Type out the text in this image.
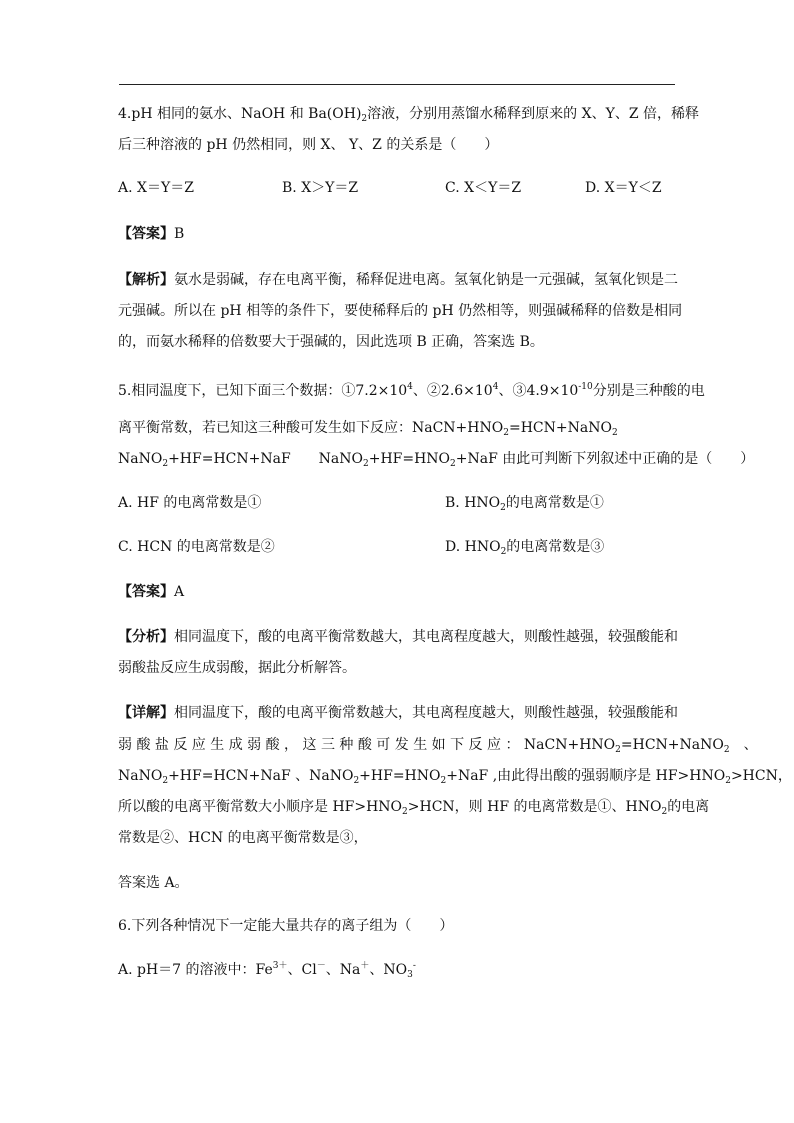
4.pH 相同的氨水、NaOH 和 $Ba(OH)_2$溶液，分别用蒸馏水稀释到原来的 X、Y、Z 倍，稀释
后三种溶液的 pH 仍然相同，则 X、 Y、Z 的关系是（　　）
A. X＝Y＝Z	B. X＞Y＝Z	C. X＜Y＝Z	D. X＝Y＜Z
【答案】B
【解析】氨水是弱碱，存在电离平衡，稀释促进电离。氢氧化钠是一元强碱，氢氧化钡是二
元强碱。所以在 pH 相等的条件下，要使稀释后的 pH 仍然相等，则强碱稀释的倍数是相同
的，而氨水稀释的倍数要大于强碱的，因此选项 B 正确，答案选 B。
5.相同温度下，已知下面三个数据：$①7.2\times 10^4$、$②2.6\times 10^4$、$③4.9\times 10^{-10}$分别是三种酸的电
离平衡常数，若已知这三种酸可发生如下反应：$NaCN+HNO_2=HCN+NaNO_2$
NaNO$_2$+HF=HCN+NaF　　$NaNO_2+HF=HNO_2+NaF$ 由此可判断下列叙述中正确的是（　　）
A. HF 的电离常数是①	B. $HNO_2$的电离常数是①
C. HCN 的电离常数是②	D. $HNO_2$的电离常数是③
【答案】A
【分析】相同温度下，酸的电离平衡常数越大，其电离程度越大，则酸性越强，较强酸能和
弱酸盐反应生成弱酸，据此分析解答。
【详解】相同温度下，酸的电离平衡常数越大，其电离程度越大，则酸性越强，较强酸能和
弱 酸 盐 反 应 生 成 弱 酸 ， 这 三 种 酸 可 发 生 如 下 反 应 ： $NaCN+HNO_2=HCN+NaNO_2$　、
NaNO$_2$+HF=HCN+NaF 、$NaNO_2+HF=HNO_2+NaF$ ,由此得出酸的强弱顺序是 $HF>HNO_2>HCN$，
所以酸的电离平衡常数大小顺序是 $HF>HNO_2>HCN$，则 HF 的电离常数是①、$HNO_2$的电离
常数是②、HCN 的电离平衡常数是③，
答案选 A。
6.下列各种情况下一定能大量共存的离子组为（　　）
A. pH＝7 的溶液中：$Fe^{3+}$、Cl－、Na＋、$NO_3^-$
